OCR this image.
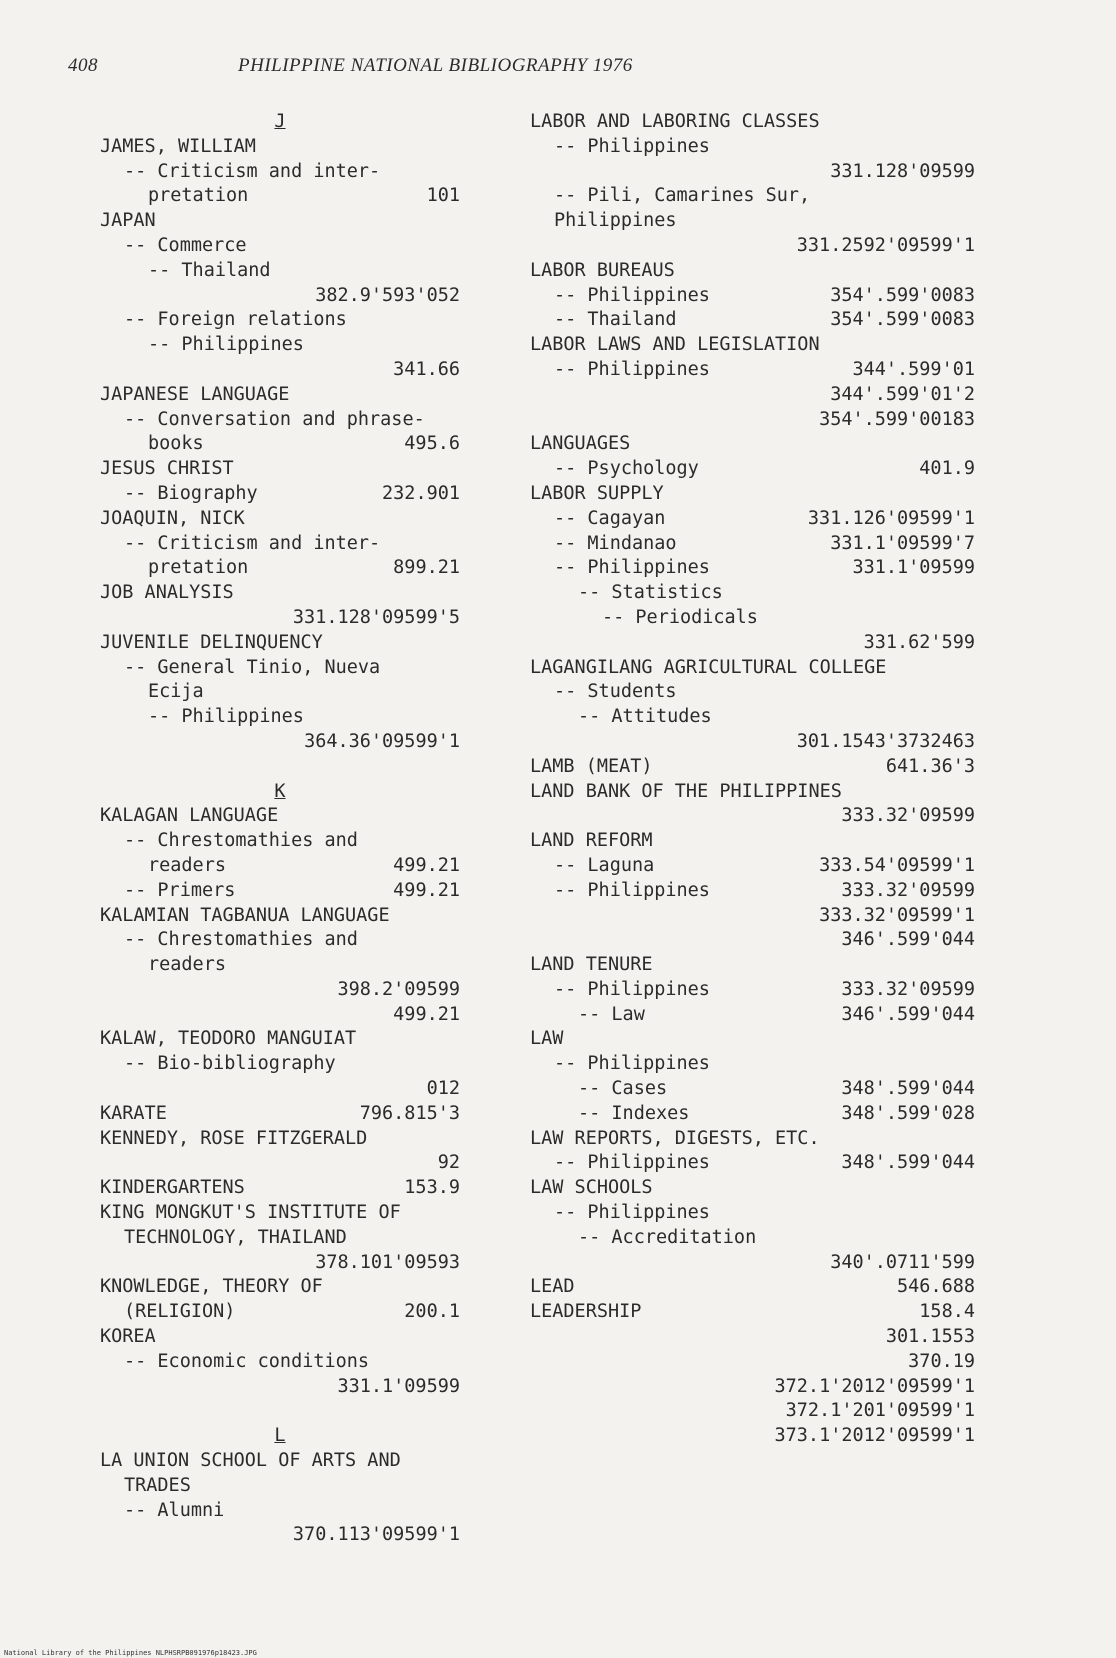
408	PHILIPPINE NATIONAL BIBLIOGRAPHY 1976
J
JAMES, WILLIAM
-- Criticism and inter-
pretation	101
JAPAN
-- Commerce
-- Thailand
382.9'593'052
-- Foreign relations
-- Philippines
341.66
JAPANESE LANGUAGE
-- Conversation and phrase-
books	495.6
JESUS CHRIST
-- Biography	232.901
JOAQUIN, NICK
-- Criticism and inter-
pretation	899.21
JOB ANALYSIS
331.128'09599'5
JUVENILE DELINQUENCY
-- General Tinio, Nueva
Ecija
-- Philippines
364.36'09599'1
K
KALAGAN LANGUAGE
-- Chrestomathies and
readers	499.21
-- Primers	499.21
KALAMIAN TAGBANUA LANGUAGE
-- Chrestomathies and
readers
398.2'09599
499.21
KALAW, TEODORO MANGUIAT
-- Bio-bibliography
012
KARATE	796.815'3
KENNEDY, ROSE FITZGERALD
92
KINDERGARTENS	153.9
KING MONGKUT'S INSTITUTE OF
TECHNOLOGY, THAILAND
378.101'09593
KNOWLEDGE, THEORY OF
(RELIGION)	200.1
KOREA
-- Economic conditions
331.1'09599
L
LA UNION SCHOOL OF ARTS AND
TRADES
-- Alumni
370.113'09599'1
LABOR AND LABORING CLASSES
-- Philippines
331.128'09599
-- Pili, Camarines Sur,
Philippines
331.2592'09599'1
LABOR BUREAUS
-- Philippines	354'.599'0083
-- Thailand	354'.599'0083
LABOR LAWS AND LEGISLATION
-- Philippines	344'.599'01
344'.599'01'2
354'.599'00183
LANGUAGES
-- Psychology	401.9
LABOR SUPPLY
-- Cagayan	331.126'09599'1
-- Mindanao	331.1'09599'7
-- Philippines	331.1'09599
-- Statistics
-- Periodicals
331.62'599
LAGANGILANG AGRICULTURAL COLLEGE
-- Students
-- Attitudes
301.1543'3732463
LAMB (MEAT)	641.36'3
LAND BANK OF THE PHILIPPINES
333.32'09599
LAND REFORM
-- Laguna	333.54'09599'1
-- Philippines	333.32'09599
333.32'09599'1
346'.599'044
LAND TENURE
-- Philippines	333.32'09599
-- Law	346'.599'044
LAW
-- Philippines
-- Cases	348'.599'044
-- Indexes	348'.599'028
LAW REPORTS, DIGESTS, ETC.
-- Philippines	348'.599'044
LAW SCHOOLS
-- Philippines
-- Accreditation
340'.0711'599
LEAD	546.688
LEADERSHIP	158.4
301.1553
370.19
372.1'2012'09599'1
372.1'201'09599'1
373.1'2012'09599'1
National Library of the Philippines NLPHSRPB091976p18423.JPG
